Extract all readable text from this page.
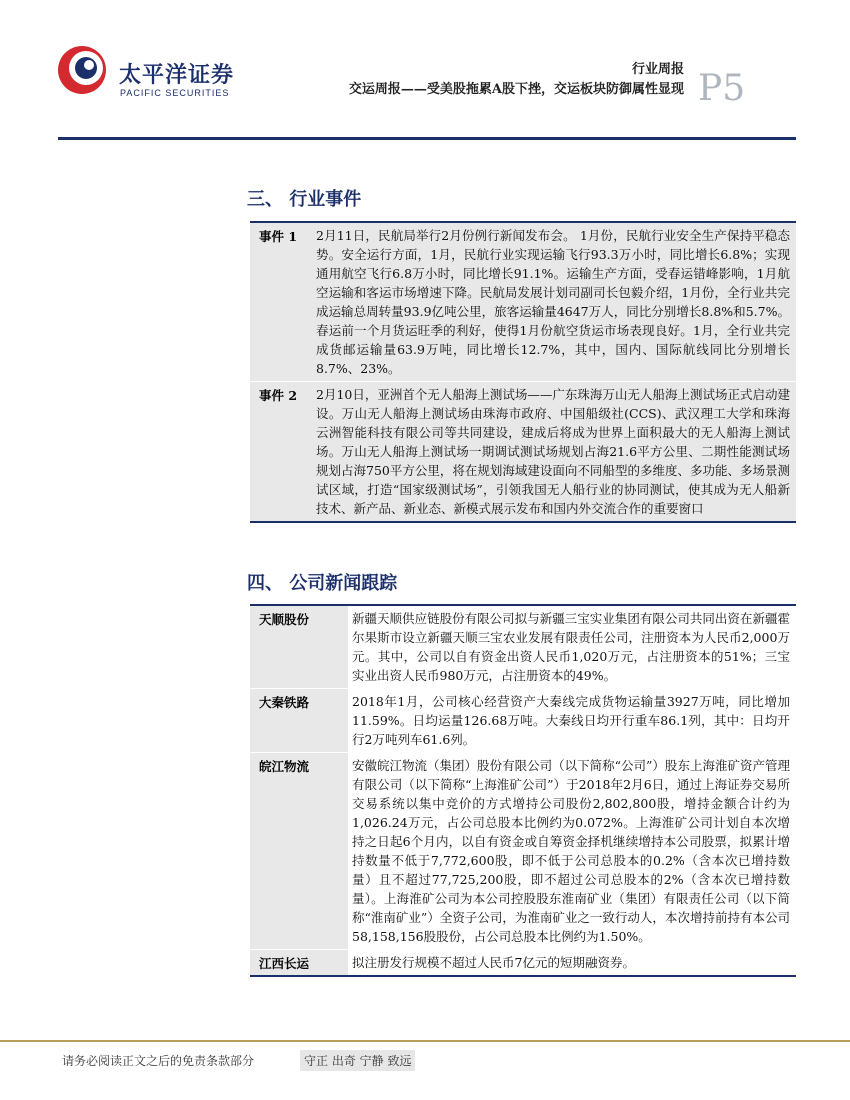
太平洋证券
PACIFIC SECURITIES
行业周报
交运周报——受美股拖累A股下挫，交运板块防御属性显现 P5
三、 行业事件
事件 1	2月11日，民航局举行2月份例行新闻发布会。 1月份，民航行业安全生产保持平稳态势。安全运行方面，1月，民航行业实现运输飞行93.3万小时，同比增长6.8%；实现通用航空飞行6.8万小时，同比增长91.1%。运输生产方面，受春运错峰影响，1月航空运输和客运市场增速下降。民航局发展计划司副司长包毅介绍，1月份，全行业共完成运输总周转量93.9亿吨公里，旅客运输量4647万人，同比分别增长8.8%和5.7%。春运前一个月货运旺季的利好，使得1月份航空货运市场表现良好。1月，全行业共完成货邮运输量63.9万吨，同比增长12.7%，其中，国内、国际航线同比分别增长8.7%、23%。
事件 2	2月10日，亚洲首个无人船海上测试场——广东珠海万山无人船海上测试场正式启动建设。万山无人船海上测试场由珠海市政府、中国船级社(CCS)、武汉理工大学和珠海云洲智能科技有限公司等共同建设，建成后将成为世界上面积最大的无人船海上测试场。万山无人船海上测试场一期调试测试场规划占海21.6平方公里、二期性能测试场规划占海750平方公里，将在规划海域建设面向不同船型的多维度、多功能、多场景测试区域，打造“国家级测试场”，引领我国无人船行业的协同测试，使其成为无人船新技术、新产品、新业态、新模式展示发布和国内外交流合作的重要窗口
四、 公司新闻跟踪
天顺股份	新疆天顺供应链股份有限公司拟与新疆三宝实业集团有限公司共同出资在新疆霍尔果斯市设立新疆天顺三宝农业发展有限责任公司，注册资本为人民币2,000万元。其中，公司以自有资金出资人民币1,020万元，占注册资本的51%；三宝实业出资人民币980万元，占注册资本的49%。
大秦铁路	2018年1月，公司核心经营资产大秦线完成货物运输量3927万吨，同比增加11.59%。日均运量126.68万吨。大秦线日均开行重车86.1列，其中：日均开行2万吨列车61.6列。
皖江物流	安徽皖江物流（集团）股份有限公司（以下简称“公司”）股东上海淮矿资产管理有限公司（以下简称“上海淮矿公司”）于2018年2月6日，通过上海证券交易所交易系统以集中竞价的方式增持公司股份2,802,800股，增持金额合计约为1,026.24万元，占公司总股本比例约为0.072%。上海淮矿公司计划自本次增持之日起6个月内，以自有资金或自筹资金择机继续增持本公司股票，拟累计增持数量不低于7,772,600股，即不低于公司总股本的0.2%（含本次已增持数量）且不超过77,725,200股，即不超过公司总股本的2%（含本次已增持数量）。上海淮矿公司为本公司控股股东淮南矿业（集团）有限责任公司（以下简称“淮南矿业”）全资子公司，为淮南矿业之一致行动人，本次增持前持有本公司58,158,156股股份，占公司总股本比例约为1.50%。
江西长运	拟注册发行规模不超过人民币7亿元的短期融资券。
请务必阅读正文之后的免责条款部分	守正 出奇 宁静 致远
